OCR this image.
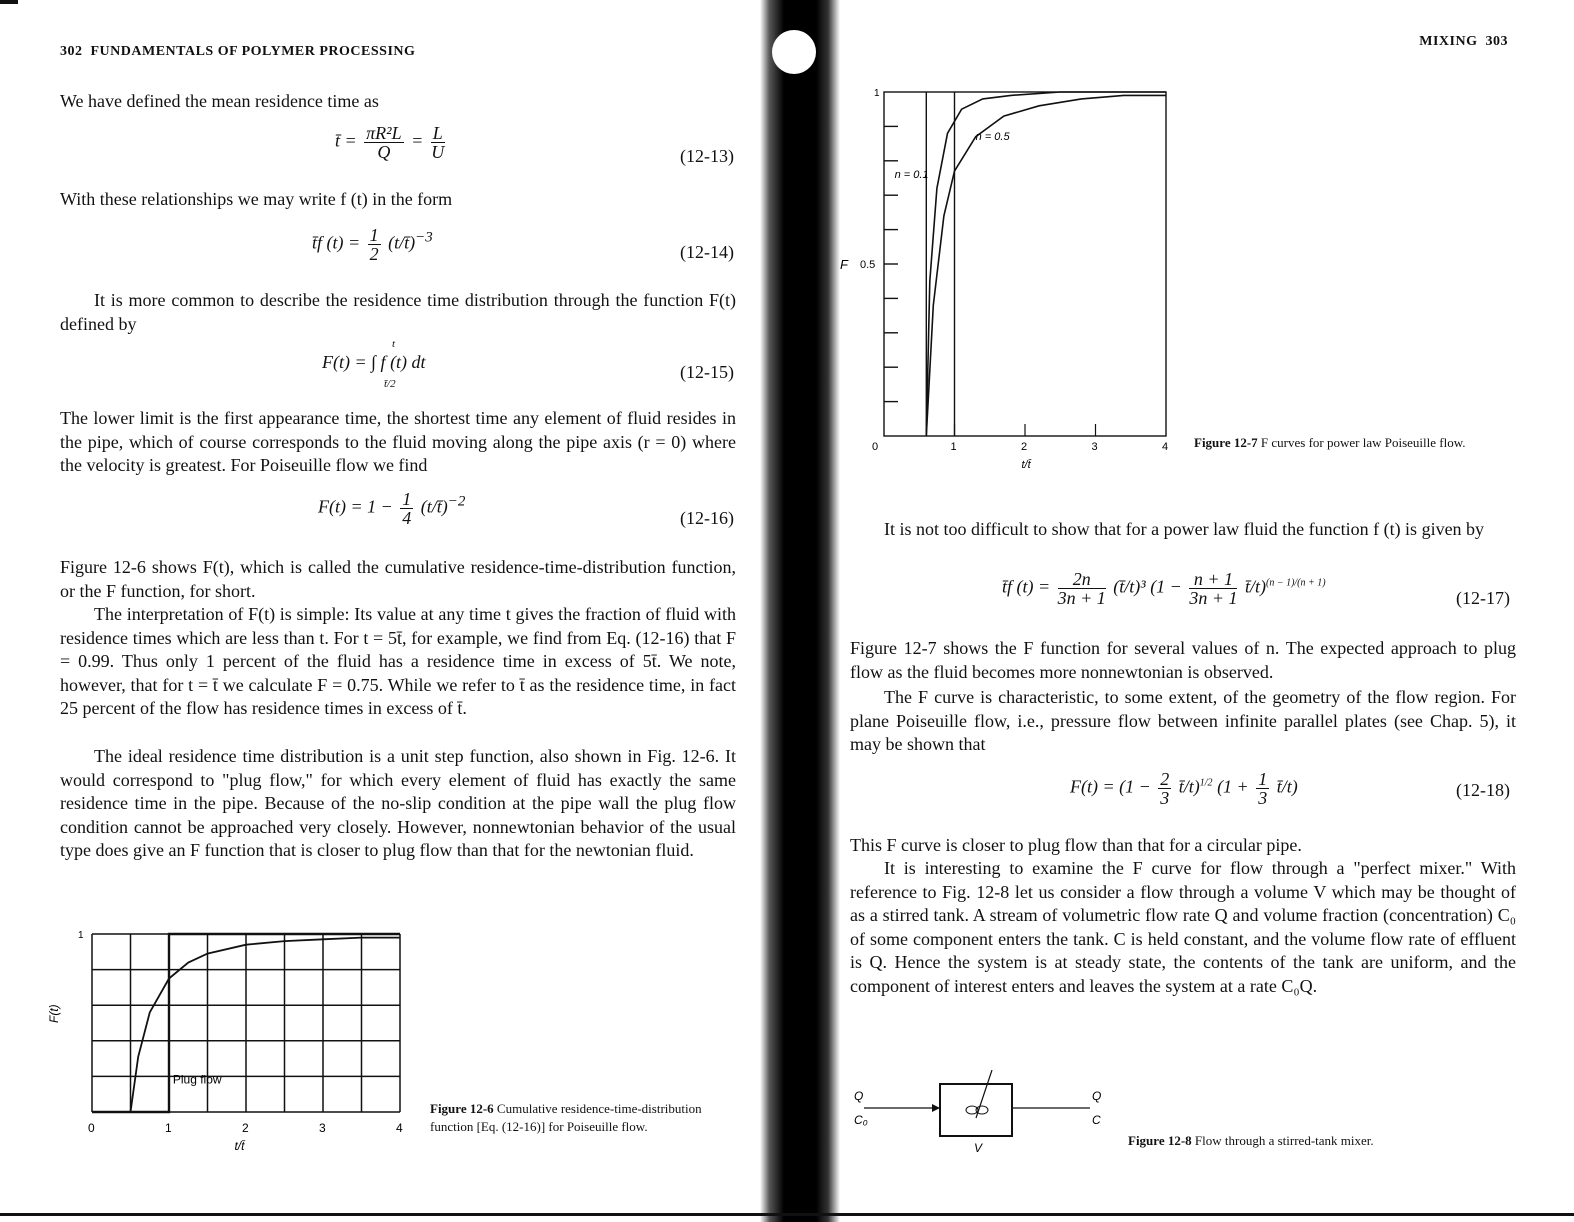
302 FUNDAMENTALS OF POLYMER PROCESSING
We have defined the mean residence time as
t̄ = $\frac{\text{πR²L}}{Q} = \frac{L}{U}$	(12-13)
With these relationships we may write f (t) in the form
t̄f $(t) = \frac{1}{2}$ (t/t̄)$^{-3}$
(12-14)
It is more common to describe the residence time distribution through the function F(t) defined by
F(t) = ∫ f (t) dt
t̄/2
t
(12-15)
The lower limit is the first appearance time, the shortest time any element of fluid resides in the pipe, which of course corresponds to the fluid moving along the pipe axis (r = 0) where the velocity is greatest. For Poiseuille flow we find
$F(t) = 1 - \frac{1}{4}$ (t/t̄)$^{-2}$
(12-16)
Figure 12-6 shows F(t), which is called the cumulative residence-time-distribution function, or the F function, for short.
The interpretation of F(t) is simple: Its value at any time t gives the fraction of fluid with residence times which are less than t. For t = 5t̄, for example, we find from Eq. (12-16) that F = 0.99. Thus only 1 percent of the fluid has a residence time in excess of 5t̄. We note, however, that for t = t̄ we calculate F = 0.75. While we refer to t̄ as the residence time, in fact 25 percent of the flow has residence times in excess of t̄.
The ideal residence time distribution is a unit step function, also shown in Fig. 12-6. It would correspond to "plug flow," for which every element of fluid has exactly the same residence time in the pipe. Because of the no-slip condition at the pipe wall the plug flow condition cannot be approached very closely. However, nonnewtonian behavior of the usual type does give an F function that is closer to plug flow than that for the newtonian fluid.
0	1	2	3	4
1
Plug flow
t/t̄
F(t)
Figure 12-6 Cumulative residence-time-distribution function [Eq. (12-16)] for Poiseuille flow.
MIXING 303
0	1	2	3	4
0.5
1
n = 0.1
n = 0.5
F
t/t̄
Figure 12-7 F curves for power law Poiseuille flow.
It is not too difficult to show that for a power law fluid the function f (t) is given by
t̄f $(t) = \frac{2n}{3n + 1}$ (t̄/t)³ ($1 - \frac{n + 1}{3n + 1}$ t̄/t)$^{(n - 1)/(n + 1)}$
(12-17)
Figure 12-7 shows the F function for several values of n. The expected approach to plug flow as the fluid becomes more nonnewtonian is observed.
The F curve is characteristic, to some extent, of the geometry of the flow region. For plane Poiseuille flow, i.e., pressure flow between infinite parallel plates (see Chap. 5), it may be shown that
$F(t) = (1 - \frac{2}{3}$ t̄/t)$^{1/2}$ ($1 + \frac{1}{3}$ t̄/t)	(12-18)
This F curve is closer to plug flow than that for a circular pipe.
It is interesting to examine the F curve for flow through a "perfect mixer." With reference to Fig. 12-8 let us consider a flow through a volume V which may be thought of as a stirred tank. A stream of volumetric flow rate Q and volume fraction (concentration) C₀ of some component enters the tank. C is held constant, and the volume flow rate of effluent is Q. Hence the system is at steady state, the contents of the tank are uniform, and the component of interest enters and leaves the system at a rate C₀Q.
Q
C₀
Q
C
V	Figure 12-8 Flow through a stirred-tank mixer.
